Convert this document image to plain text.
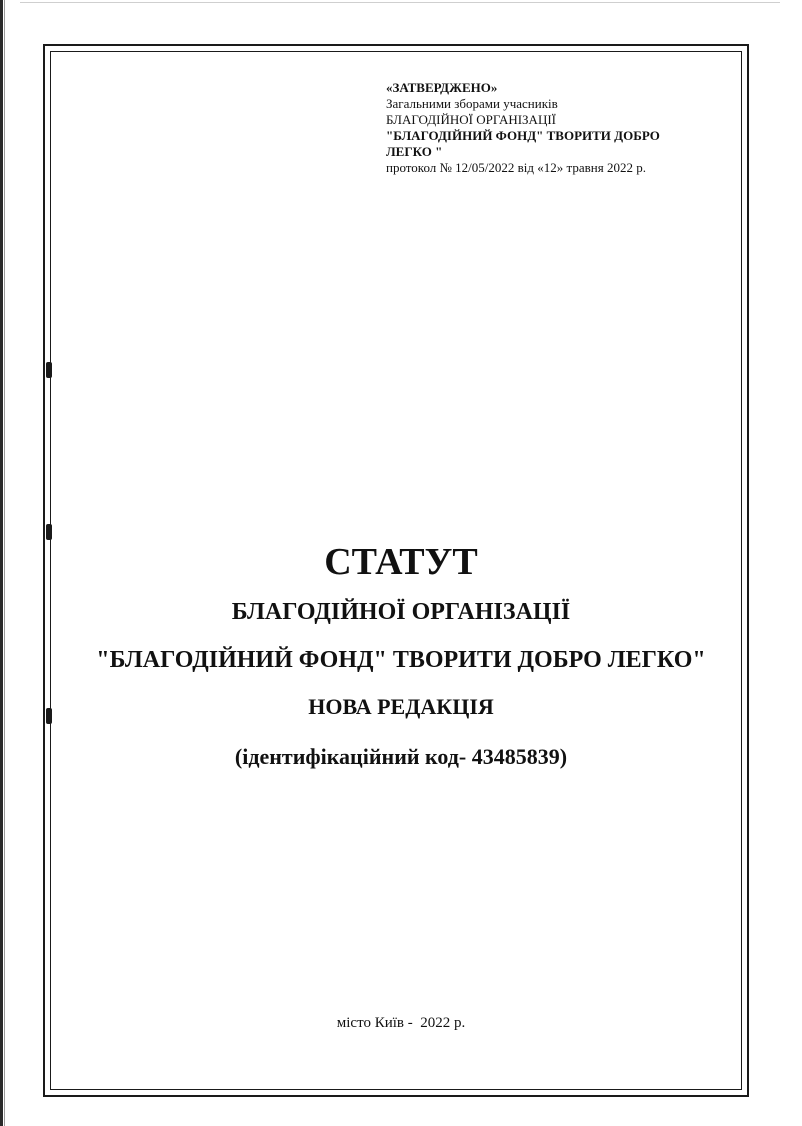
«ЗАТВЕРДЖЕНО»
Загальними зборами учасників
БЛАГОДІЙНОЇ ОРГАНІЗАЦІЇ
"БЛАГОДІЙНИЙ ФОНД" ТВОРИТИ ДОБРО
ЛЕГКО "
протокол № 12/05/2022 від «12» травня 2022 р.
СТАТУТ
БЛАГОДІЙНОЇ ОРГАНІЗАЦІЇ
"БЛАГОДІЙНИЙ ФОНД" ТВОРИТИ ДОБРО ЛЕГКО"
НОВА РЕДАКЦІЯ
(ідентифікаційний код- 43485839)
місто Київ -  2022 р.
